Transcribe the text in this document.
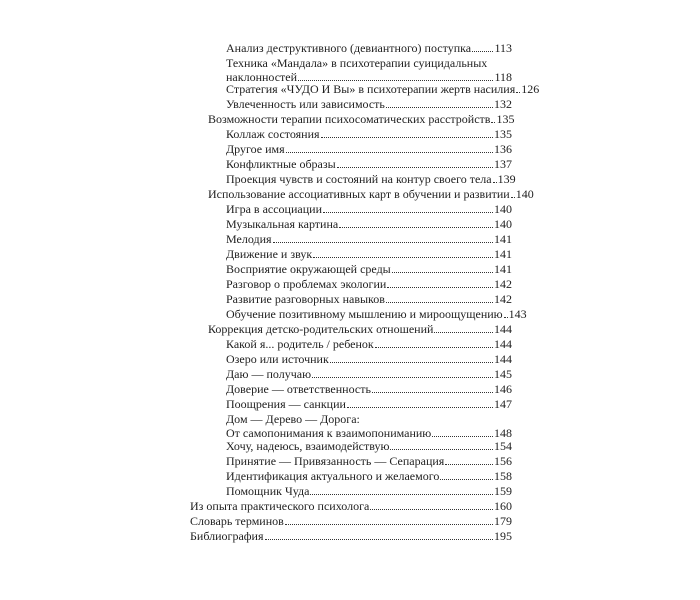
Анализ деструктивного (девиантного) поступка 113
Техника «Мандала» в психотерапии суицидальных
наклонностей	118
Стратегия «ЧУДО И Вы» в психотерапии жертв насилия 126
Увлеченность или зависимость	132
Возможности терапии психосоматических расстройств 135
Коллаж состояния	135
Другое имя	136
Конфликтные образы	137
Проекция чувств и состояний на контур своего тела 139
Использование ассоциативных карт в обучении и развитии 140
Игра в ассоциации	140
Музыкальная картина	140
Мелодия	141
Движение и звук	141
Восприятие окружающей среды	141
Разговор о проблемах экологии	142
Развитие разговорных навыков	142
Обучение позитивному мышлению и мироощущению 143
Коррекция детско-родительских отношений	144
Какой я... родитель / ребенок	144
Озеро или источник	144
Даю — получаю	145
Доверие — ответственность	146
Поощрения — санкции	147
Дом — Дерево — Дорога:
От самопонимания к взаимопониманию	148
Хочу, надеюсь, взаимодействую	154
Принятие — Привязанность — Сепарация	156
Идентификация актуального и желаемого	158
Помощник Чуда	159
Из опыта практического психолога	160
Словарь терминов	179
Библиография	195
